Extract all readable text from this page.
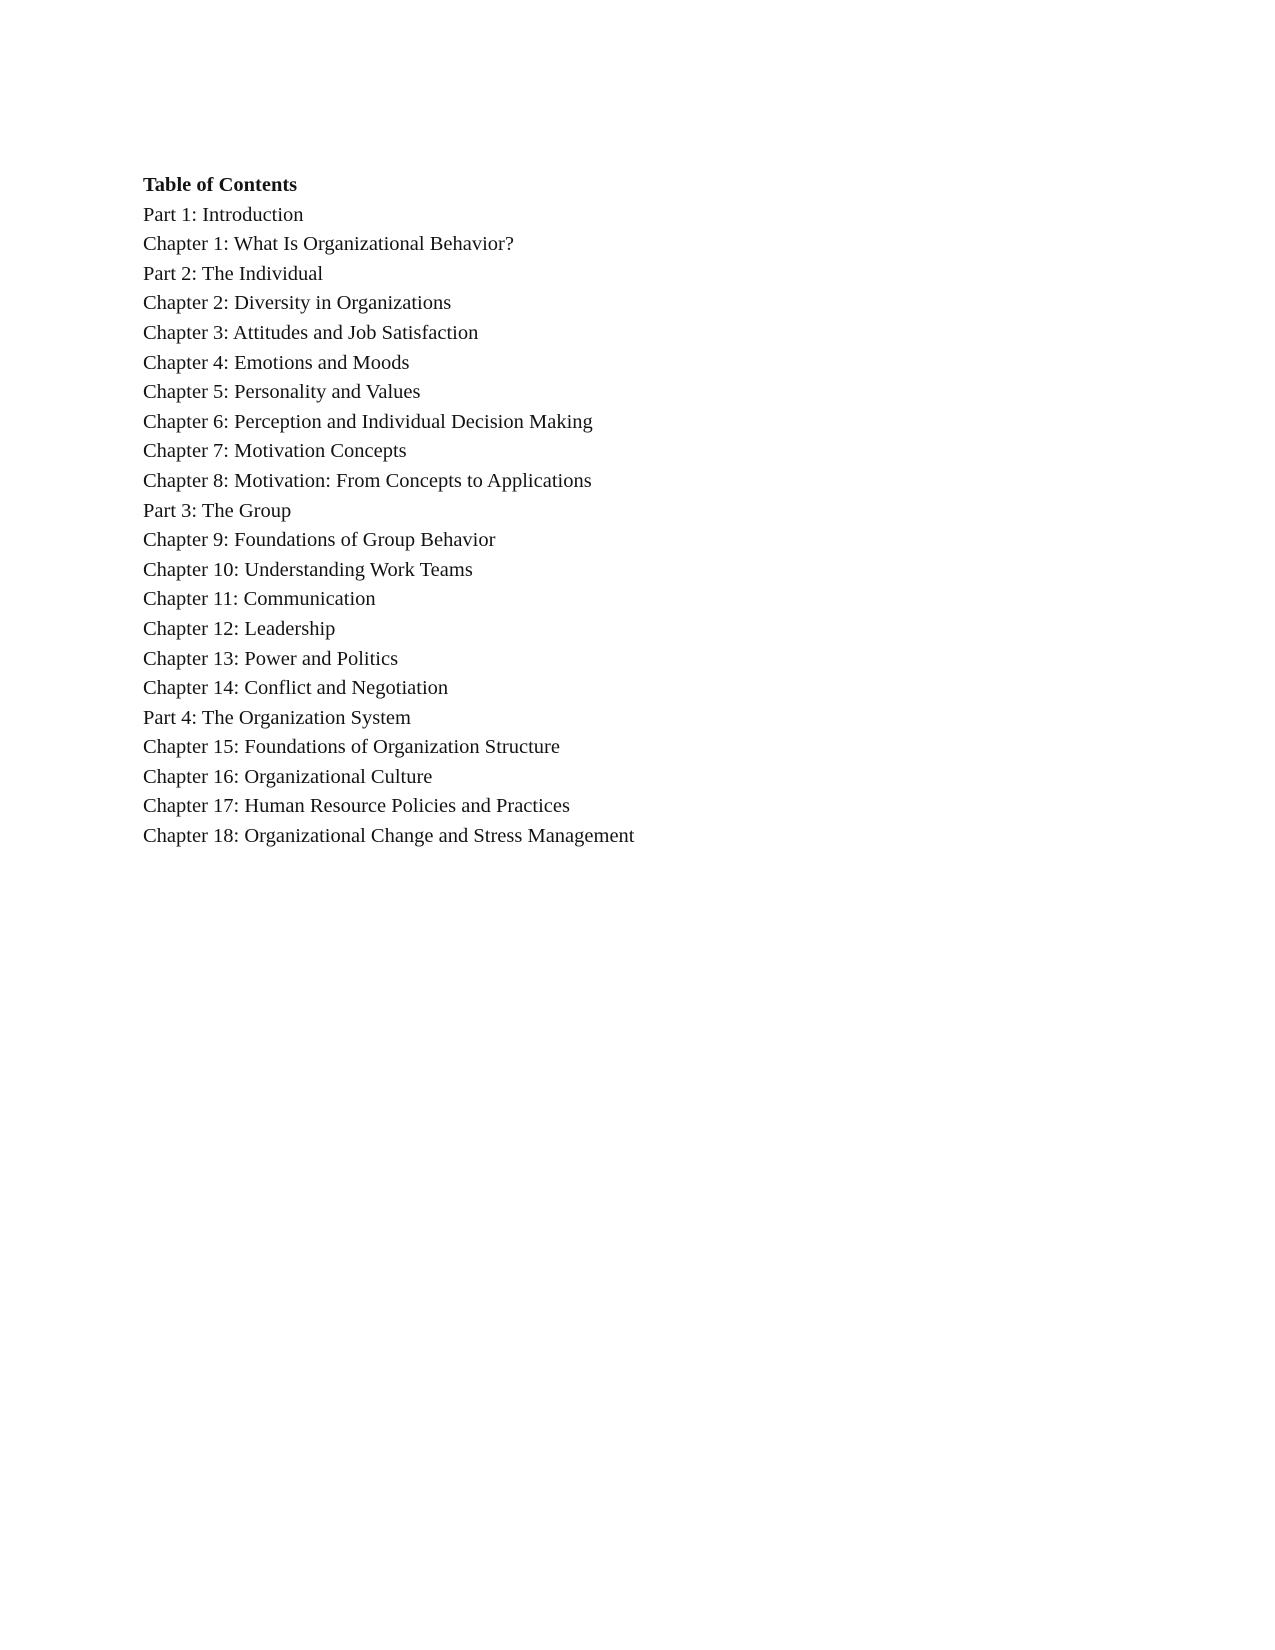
Table of Contents
Part 1: Introduction
Chapter 1: What Is Organizational Behavior?
Part 2: The Individual
Chapter 2: Diversity in Organizations
Chapter 3: Attitudes and Job Satisfaction
Chapter 4: Emotions and Moods
Chapter 5: Personality and Values
Chapter 6: Perception and Individual Decision Making
Chapter 7: Motivation Concepts
Chapter 8: Motivation: From Concepts to Applications
Part 3: The Group
Chapter 9: Foundations of Group Behavior
Chapter 10: Understanding Work Teams
Chapter 11: Communication
Chapter 12: Leadership
Chapter 13: Power and Politics
Chapter 14: Conflict and Negotiation
Part 4: The Organization System
Chapter 15: Foundations of Organization Structure
Chapter 16: Organizational Culture
Chapter 17: Human Resource Policies and Practices
Chapter 18: Organizational Change and Stress Management
